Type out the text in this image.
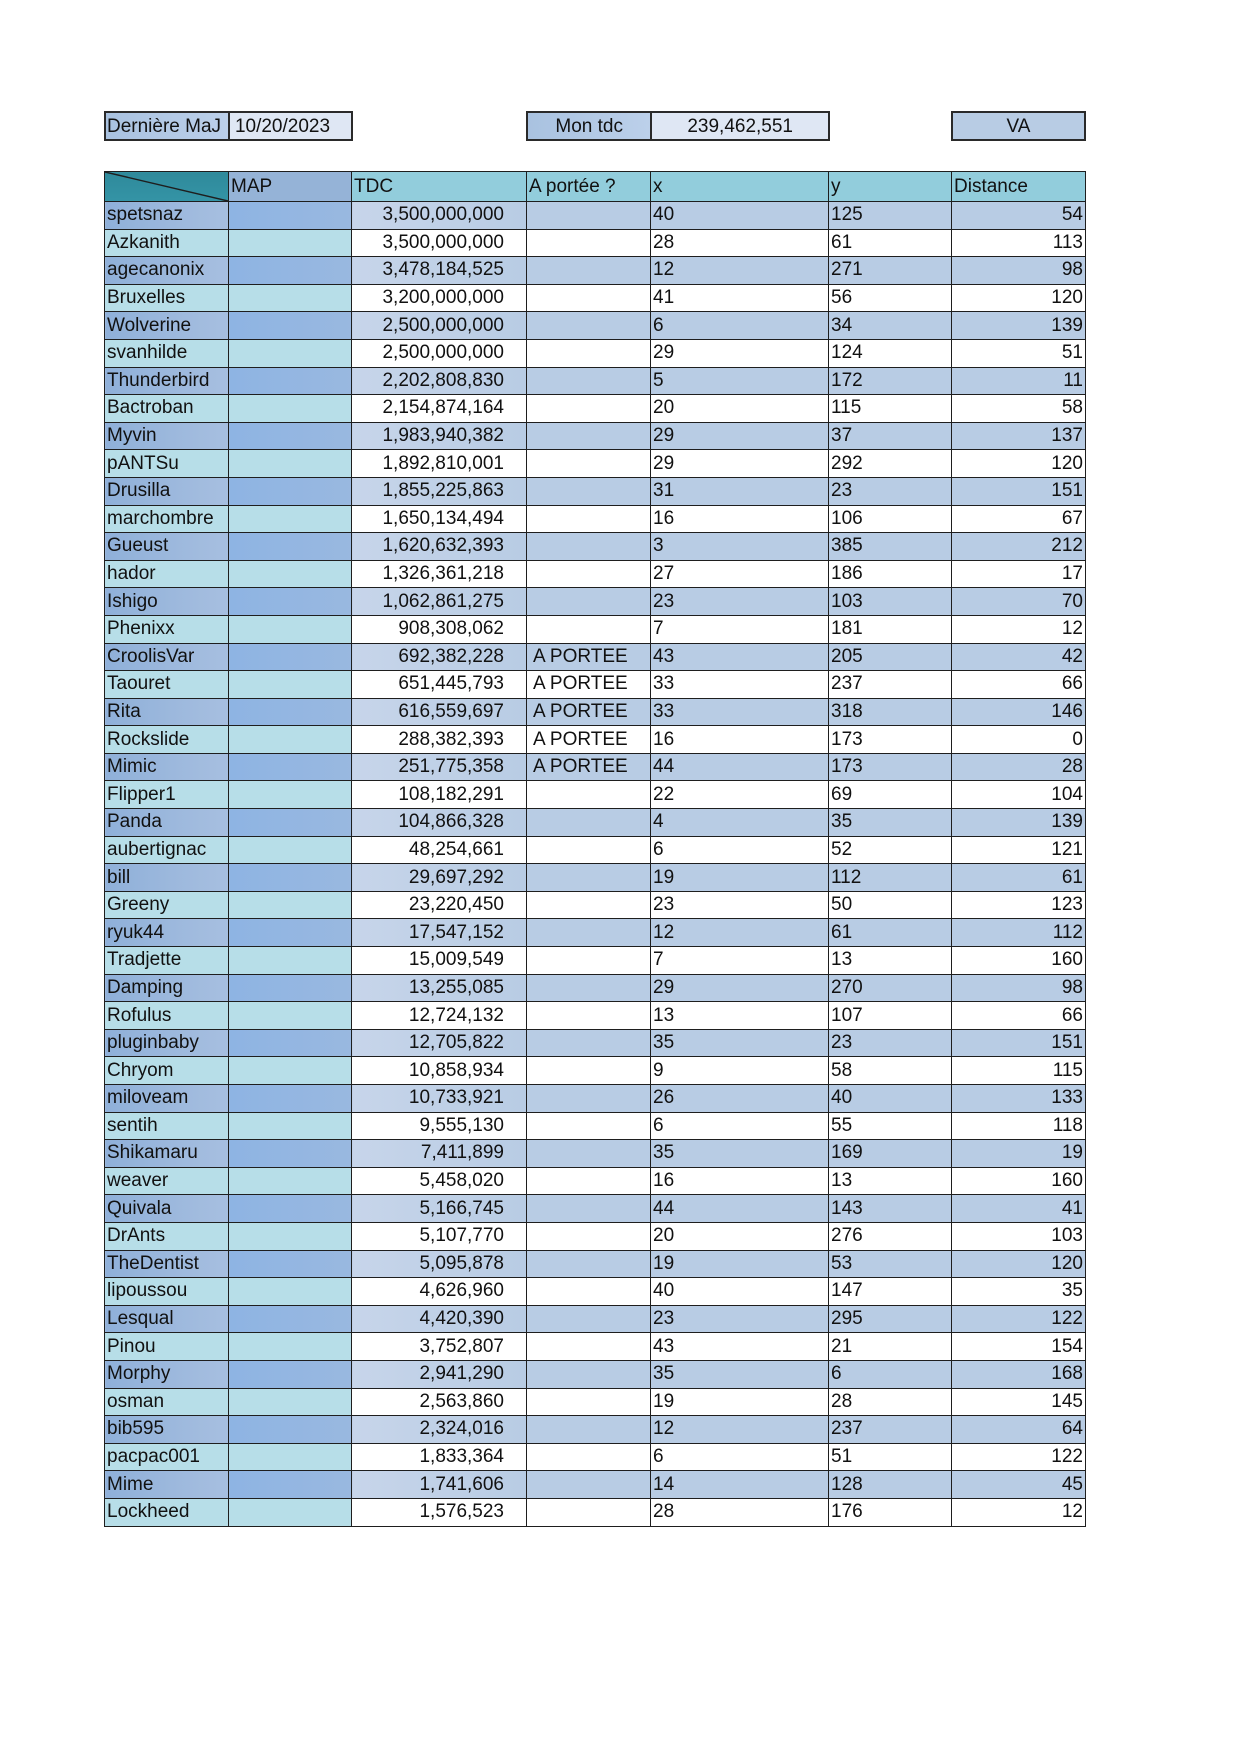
Dernière MaJ 10/20/2023	Mon tdc	239,462,551	VA
	MAP	TDC	A portée ?	x	y	Distance
spetsnaz		3,500,000,000		40	125	54
Azkanith		3,500,000,000		28	61	113
agecanonix		3,478,184,525		12	271	98
Bruxelles		3,200,000,000		41	56	120
Wolverine		2,500,000,000		6	34	139
svanhilde		2,500,000,000		29	124	51
Thunderbird		2,202,808,830		5	172	11
Bactroban		2,154,874,164		20	115	58
Myvin		1,983,940,382		29	37	137
pANTSu		1,892,810,001		29	292	120
Drusilla		1,855,225,863		31	23	151
marchombre		1,650,134,494		16	106	67
Gueust		1,620,632,393		3	385	212
hador		1,326,361,218		27	186	17
Ishigo		1,062,861,275		23	103	70
Phenixx		908,308,062		7	181	12
CroolisVar		692,382,228	A PORTEE	43	205	42
Taouret		651,445,793	A PORTEE	33	237	66
Rita		616,559,697	A PORTEE	33	318	146
Rockslide		288,382,393	A PORTEE	16	173	0
Mimic		251,775,358	A PORTEE	44	173	28
Flipper1		108,182,291		22	69	104
Panda		104,866,328		4	35	139
aubertignac		48,254,661		6	52	121
bill		29,697,292		19	112	61
Greeny		23,220,450		23	50	123
ryuk44		17,547,152		12	61	112
Tradjette		15,009,549		7	13	160
Damping		13,255,085		29	270	98
Rofulus		12,724,132		13	107	66
pluginbaby		12,705,822		35	23	151
Chryom		10,858,934		9	58	115
miloveam		10,733,921		26	40	133
sentih		9,555,130		6	55	118
Shikamaru		7,411,899		35	169	19
weaver		5,458,020		16	13	160
Quivala		5,166,745		44	143	41
DrAnts		5,107,770		20	276	103
TheDentist		5,095,878		19	53	120
lipoussou		4,626,960		40	147	35
Lesqual		4,420,390		23	295	122
Pinou		3,752,807		43	21	154
Morphy		2,941,290		35	6	168
osman		2,563,860		19	28	145
bib595		2,324,016		12	237	64
pacpac001		1,833,364		6	51	122
Mime		1,741,606		14	128	45
Lockheed		1,576,523		28	176	12
